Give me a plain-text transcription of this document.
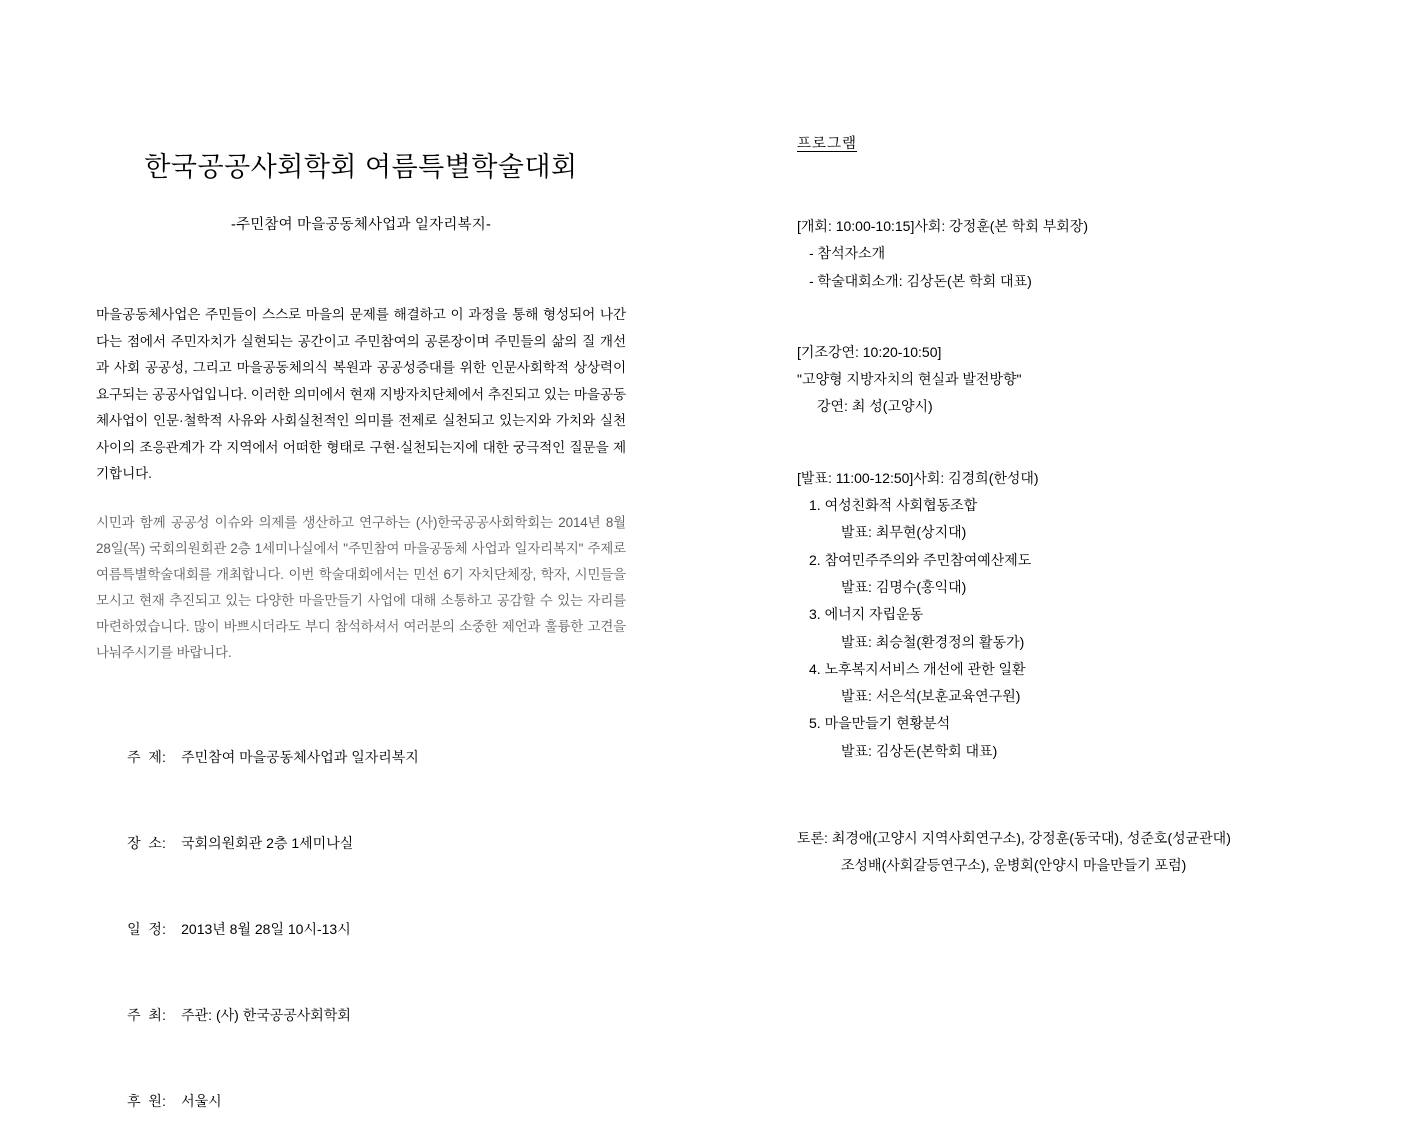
한국공공사회학회 여름특별학술대회
-주민참여 마을공동체사업과 일자리복지-

마을공동체사업은 주민들이 스스로 마을의 문제를 해결하고 이 과정을 통해 형성되어 나간다는 점에서 주민자치가 실현되는 공간이고 주민참여의 공론장이며 주민들의 삶의 질 개선과 사회 공공성, 그리고 마을공동체의식 복원과 공공성증대를 위한 인문사회학적 상상력이 요구되는 공공사업입니다. 이러한 의미에서 현재 지방자치단체에서 추진되고 있는 마을공동체사업이 인문·철학적 사유와 사회실천적인 의미를 전제로 실천되고 있는지와 가치와 실천사이의 조응관계가 각 지역에서 어떠한 형태로 구현·실천되는지에 대한 궁극적인 질문을 제기합니다.

시민과 함께 공공성 이슈와 의제를 생산하고 연구하는 (사)한국공공사회학회는 2014년 8월 28일(목) 국회의원회관 2층 1세미나실에서 "주민참여 마을공동체 사업과 일자리복지" 주제로 여름특별학술대회를 개최합니다. 이번 학술대회에서는 민선 6기 자치단체장, 학자, 시민들을 모시고 현재 추진되고 있는 다양한 마을만들기 사업에 대해 소통하고 공감할 수 있는 자리를 마련하였습니다. 많이 바쁘시더라도 부디 참석하셔서 여러분의 소중한 제언과 훌륭한 고견을 나눠주시기를 바랍니다.

주  제: 주민참여 마을공동체사업과 일자리복지

장  소: 국회의원회관 2층 1세미나실

일  정: 2013년 8월 28일 10시-13시

주  최: 주관: (사) 한국공공사회학회

후  원: 서울시

프로그램
[개회: 10:00-10:15]사회: 강정훈(본 학회 부회장)
- 참석자소개
- 학술대회소개: 김상돈(본 학회 대표)
[기조강연: 10:20-10:50]
"고양형 지방자치의 현실과 발전방향"
강연: 최 성(고양시)
[발표: 11:00-12:50]사회: 김경희(한성대)
1. 여성친화적 사회협동조합
발표: 최무현(상지대)
2. 참여민주주의와 주민참여예산제도
발표: 김명수(홍익대)
3. 에너지 자립운동
발표: 최승철(환경정의 활동가)
4. 노후복지서비스 개선에 관한 일환
발표: 서은석(보훈교육연구원)
5. 마을만들기 현황분석
발표: 김상돈(본학회 대표)
토론: 최경애(고양시 지역사회연구소), 강정훈(동국대), 성준호(성균관대)
조성배(사회갈등연구소), 운병회(안양시 마을만들기 포럼)
